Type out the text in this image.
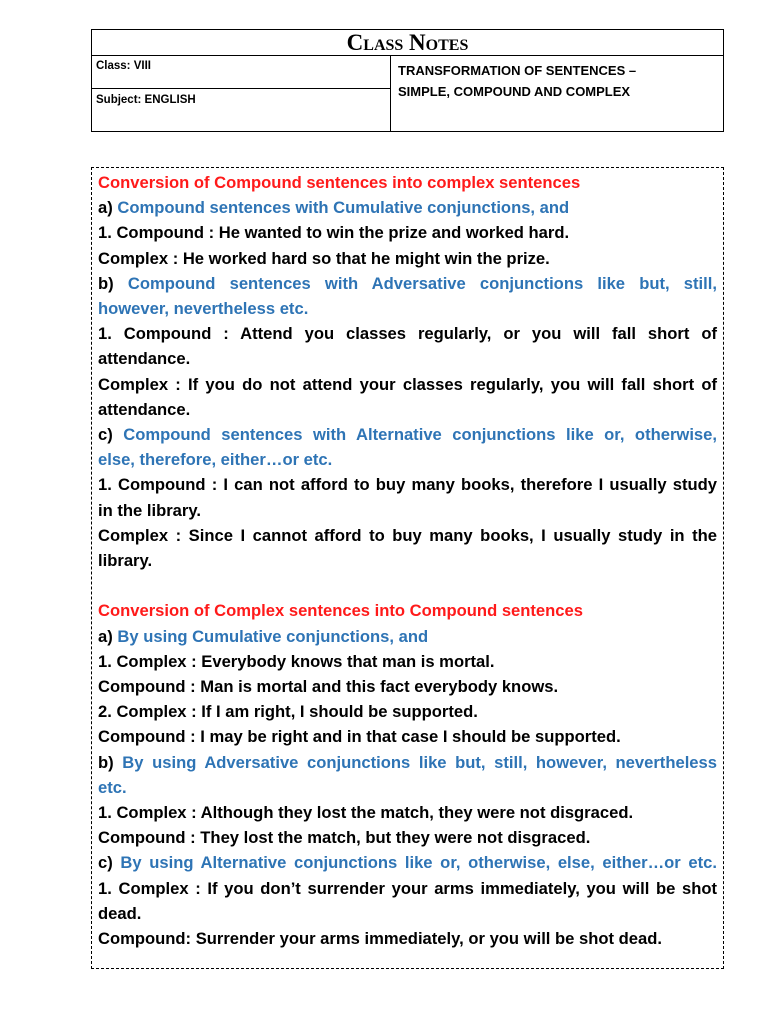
Class Notes
Class: VIII
Subject: ENGLISH
TRANSFORMATION OF SENTENCES –
SIMPLE, COMPOUND AND COMPLEX
Conversion of Compound sentences into complex sentences
a) Compound sentences with Cumulative conjunctions, and
1. Compound : He wanted to win the prize and worked hard.
Complex : He worked hard so that he might win the prize.
b) Compound sentences with Adversative conjunctions like but, still,
however, nevertheless etc.
1. Compound : Attend you classes regularly, or you will fall short of
attendance.
Complex : If you do not attend your classes regularly, you will fall short of
attendance.
c) Compound sentences with Alternative conjunctions like or, otherwise,
else, therefore, either…or etc.
1. Compound : I can not afford to buy many books, therefore I usually study
in the library.
Complex : Since I cannot afford to buy many books, I usually study in the
library.
Conversion of Complex sentences into Compound sentences
a) By using Cumulative conjunctions, and
1. Complex : Everybody knows that man is mortal.
Compound : Man is mortal and this fact everybody knows.
2. Complex : If I am right, I should be supported.
Compound : I may be right and in that case I should be supported.
b) By using Adversative conjunctions like but, still, however, nevertheless
etc.
1. Complex : Although they lost the match, they were not disgraced.
Compound : They lost the match, but they were not disgraced.
c) By using Alternative conjunctions like or, otherwise, else, either…or etc.
1. Complex : If you don’t surrender your arms immediately, you will be shot
dead.
Compound: Surrender your arms immediately, or you will be shot dead.
